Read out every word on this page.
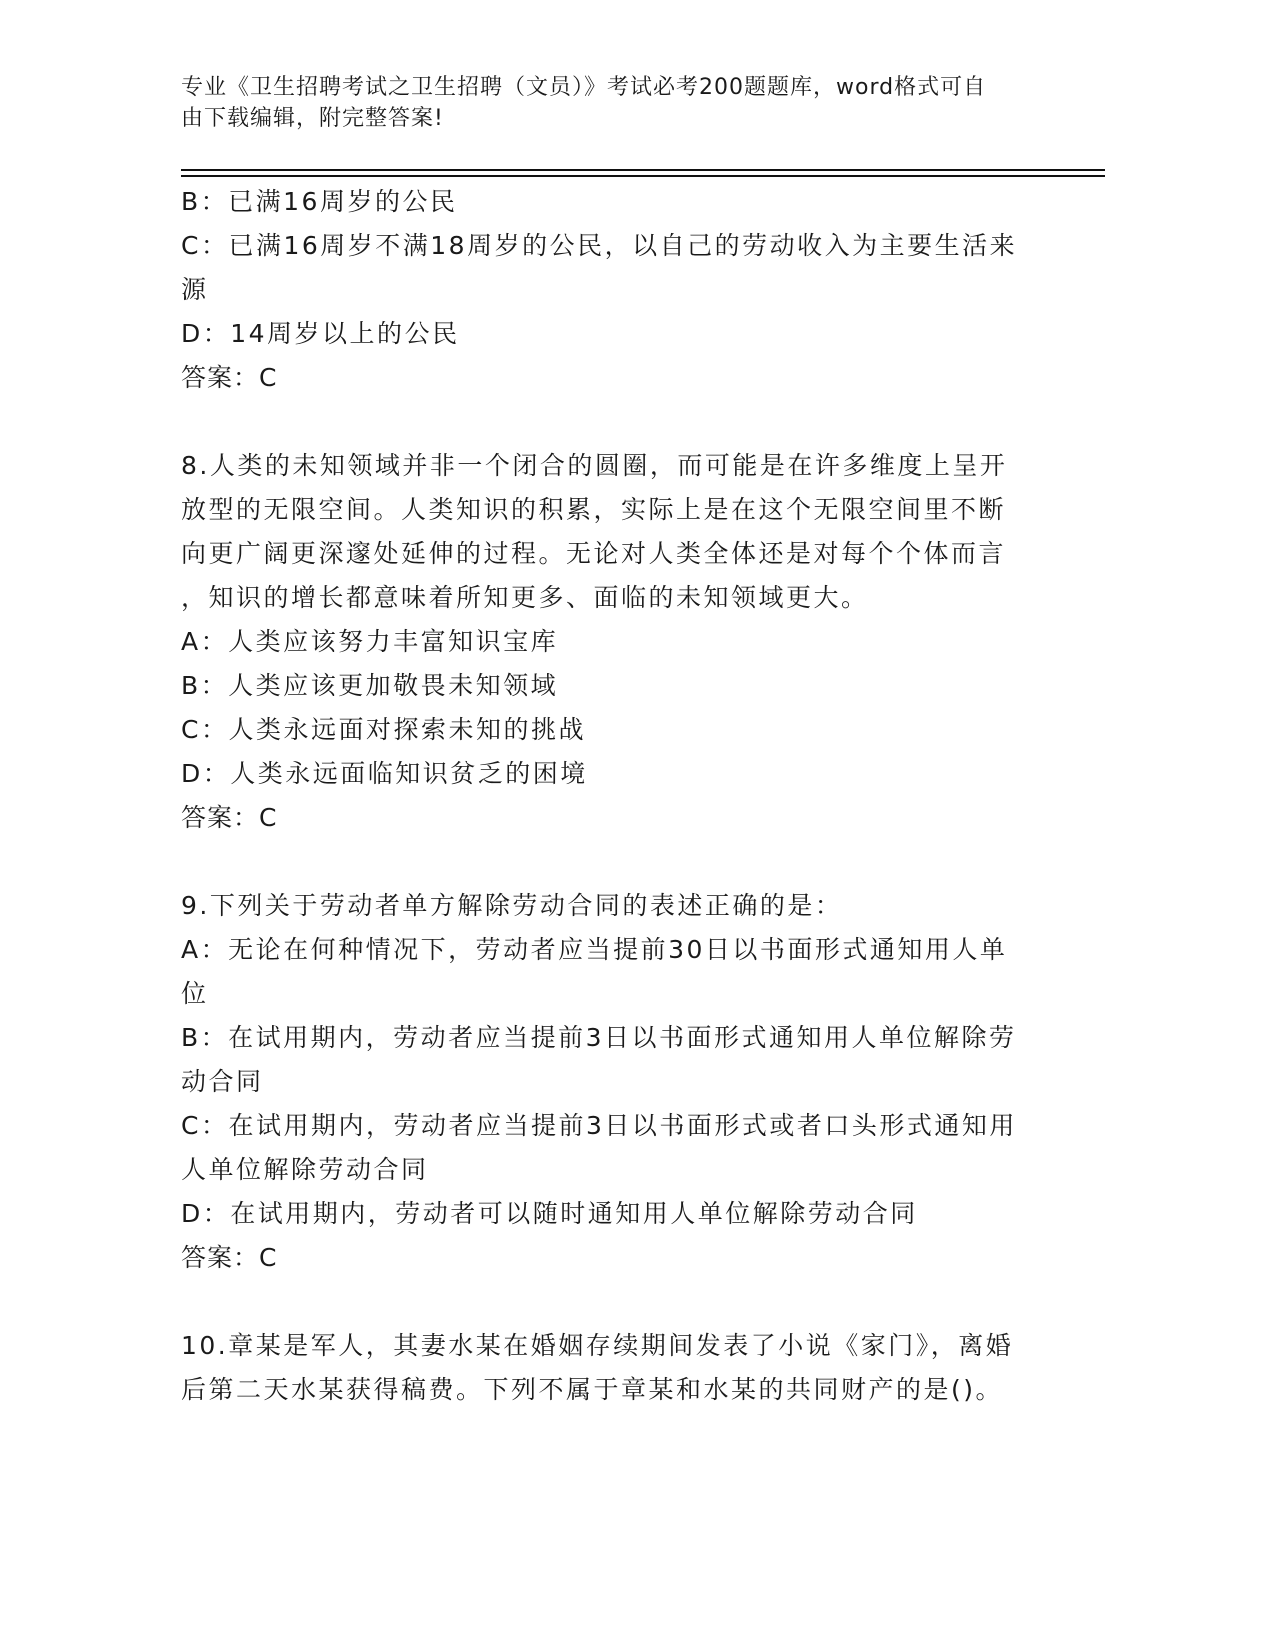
专业《卫生招聘考试之卫生招聘（文员）》考试必考200题题库，word格式可自
由下载编辑，附完整答案!
B：已满16周岁的公民
C：已满16周岁不满18周岁的公民，以自己的劳动收入为主要生活来
源
D：14周岁以上的公民
答案：C
8.人类的未知领域并非一个闭合的圆圈，而可能是在许多维度上呈开
放型的无限空间。人类知识的积累，实际上是在这个无限空间里不断
向更广阔更深邃处延伸的过程。无论对人类全体还是对每个个体而言
，知识的增长都意味着所知更多、面临的未知领域更大。
A：人类应该努力丰富知识宝库
B：人类应该更加敬畏未知领域
C：人类永远面对探索未知的挑战
D：人类永远面临知识贫乏的困境
答案：C
9.下列关于劳动者单方解除劳动合同的表述正确的是：
A：无论在何种情况下，劳动者应当提前30日以书面形式通知用人单
位
B：在试用期内，劳动者应当提前3日以书面形式通知用人单位解除劳
动合同
C：在试用期内，劳动者应当提前3日以书面形式或者口头形式通知用
人单位解除劳动合同
D：在试用期内，劳动者可以随时通知用人单位解除劳动合同
答案：C
10.章某是军人，其妻水某在婚姻存续期间发表了小说《家门》，离婚
后第二天水某获得稿费。下列不属于章某和水某的共同财产的是()。
